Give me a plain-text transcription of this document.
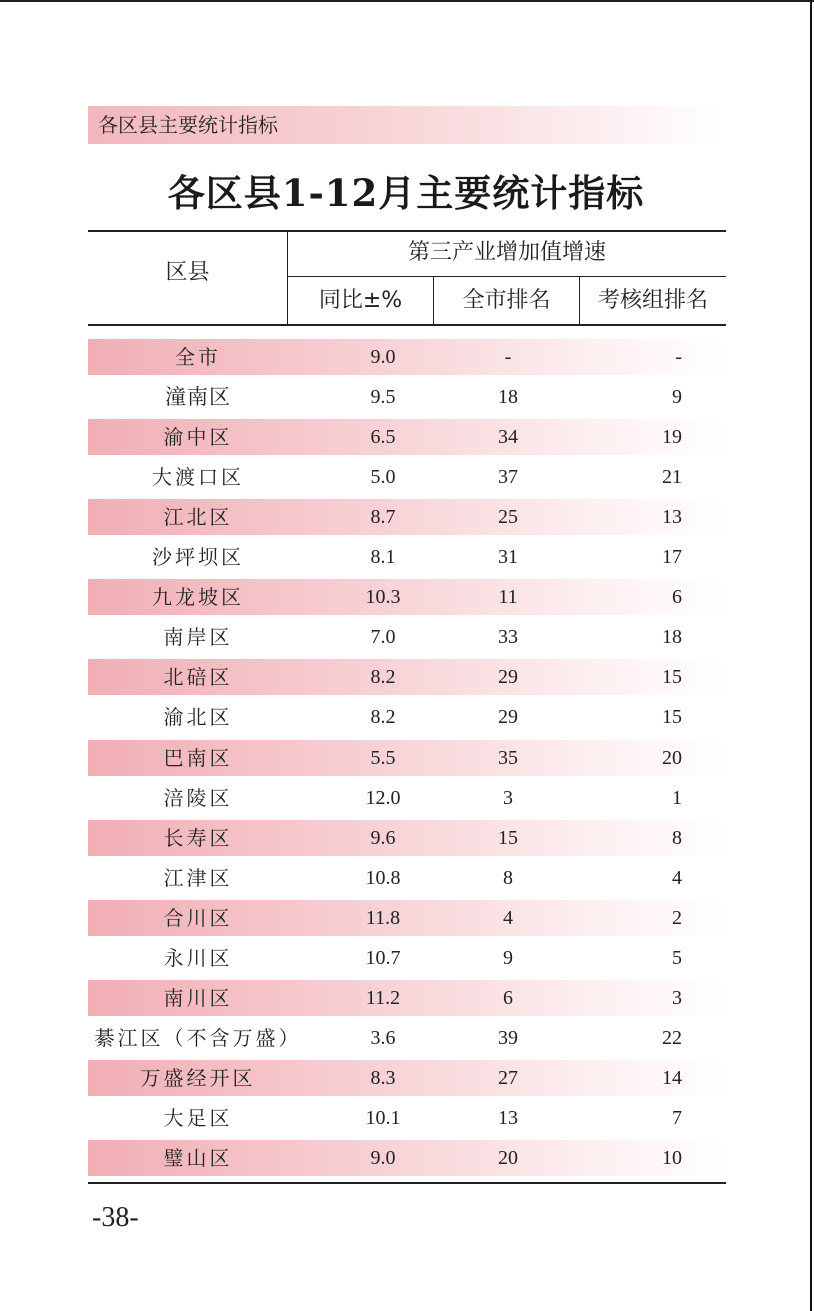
各区县主要统计指标
各区县1-12月主要统计指标
区县
第三产业增加值增速
同比±%	全市排名	考核组排名
全市	9.0	-	-
潼南区	9.5	18	9
渝中区	6.5	34	19
大渡口区	5.0	37	21
江北区	8.7	25	13
沙坪坝区	8.1	31	17
九龙坡区	10.3	11	6
南岸区	7.0	33	18
北碚区	8.2	29	15
渝北区	8.2	29	15
巴南区	5.5	35	20
涪陵区	12.0	3	1
长寿区	9.6	15	8
江津区	10.8	8	4
合川区	11.8	4	2
永川区	10.7	9	5
南川区	11.2	6	3
綦江区（不含万盛）	3.6	39	22
万盛经开区	8.3	27	14
大足区	10.1	13	7
璧山区	9.0	20	10
-38-
